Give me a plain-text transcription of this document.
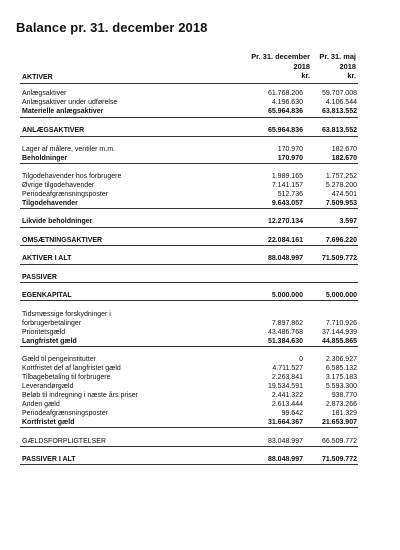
Balance pr. 31. december 2018
Pr. 31. december
2018
kr.
Pr. 31. maj
2018
kr.
AKTIVER
Anlægsaktiver	61.768.206	59.707.008
Anlægsaktiver under udførelse	4.196.630	4.106.544
Materielle anlægsaktiver	65.964.836	63.813.552
ANLÆGSAKTIVER	65.964.836	63.813.552
Lager af målere, ventiler m.m.	170.970	182.670
Beholdninger	170.970	182.670
Tilgodehavender hos forbrugere	1.989.165	1.757.252
Øvrige tilgodehavender	7.141.157	5.278.200
Periodeafgrænsningsposter	512.736	474.501
Tilgodehavender	9.643.057	7.509.953
Likvide beholdninger	12.270.134	3.597
OMSÆTNINGSAKTIVER	22.084.161	7.696.220
AKTIVER I ALT	88.048.997	71.509.772
PASSIVER
EGENKAPITAL	5.000.000	5.000.000
Tidsmæssige forskydninger i
forbrugerbetalinger	7.897.862	7.710.926
Prioritetsgæld	43.486.768	37.144.939
Langfristet gæld	51.384.630	44.855.865
Gæld til pengeinstitutter	0	2.306.927
Kortfristet del af langfristet gæld	4.711.527	6.585.132
Tilbagebetaling til forbrugere	2.263.841	3.175.183
Leverandørgæld	19.534.591	5.593.300
Beløb til indregning i næste års priser	2.441.322	938.770
Anden gæld	2.613.444	2.873.266
Periodeafgrænsningsposter	99.642	181.329
Kortfristet gæld	31.664.367	21.653.907
GÆLDSFORPLIGTELSER	83.048.997	66.509.772
PASSIVER I ALT	88.048.997	71.509.772
